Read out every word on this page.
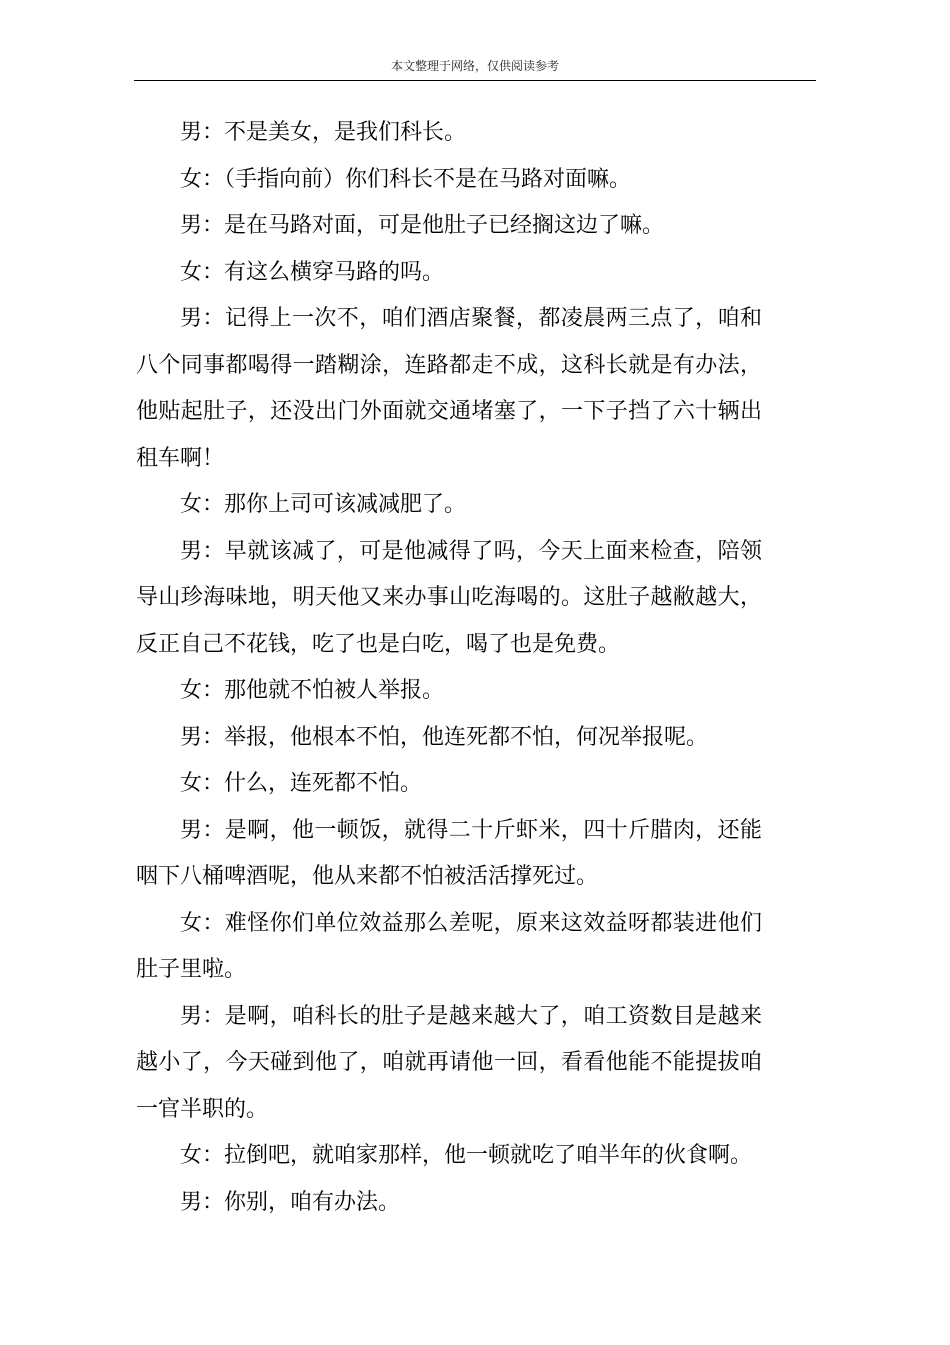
本文整理于网络，仅供阅读参考

男：不是美女，是我们科长。

女：（手指向前）你们科长不是在马路对面嘛。

男：是在马路对面，可是他肚子已经搁这边了嘛。

女：有这么横穿马路的吗。

男：记得上一次不，咱们酒店聚餐，都凌晨两三点了，咱和八个同事都喝得一踏糊涂，连路都走不成，这科长就是有办法，他贴起肚子，还没出门外面就交通堵塞了，一下子挡了六十辆出租车啊！

女：那你上司可该减减肥了。

男：早就该减了，可是他减得了吗，今天上面来检查，陪领导山珍海味地，明天他又来办事山吃海喝的。这肚子越敝越大，反正自己不花钱，吃了也是白吃，喝了也是免费。

女：那他就不怕被人举报。

男：举报，他根本不怕，他连死都不怕，何况举报呢。

女：什么，连死都不怕。

男：是啊，他一顿饭，就得二十斤虾米，四十斤腊肉，还能咽下八桶啤酒呢，他从来都不怕被活活撑死过。

女：难怪你们单位效益那么差呢，原来这效益呀都装进他们肚子里啦。

男：是啊，咱科长的肚子是越来越大了，咱工资数目是越来越小了，今天碰到他了，咱就再请他一回，看看他能不能提拔咱一官半职的。

女：拉倒吧，就咱家那样，他一顿就吃了咱半年的伙食啊。

男：你别，咱有办法。
